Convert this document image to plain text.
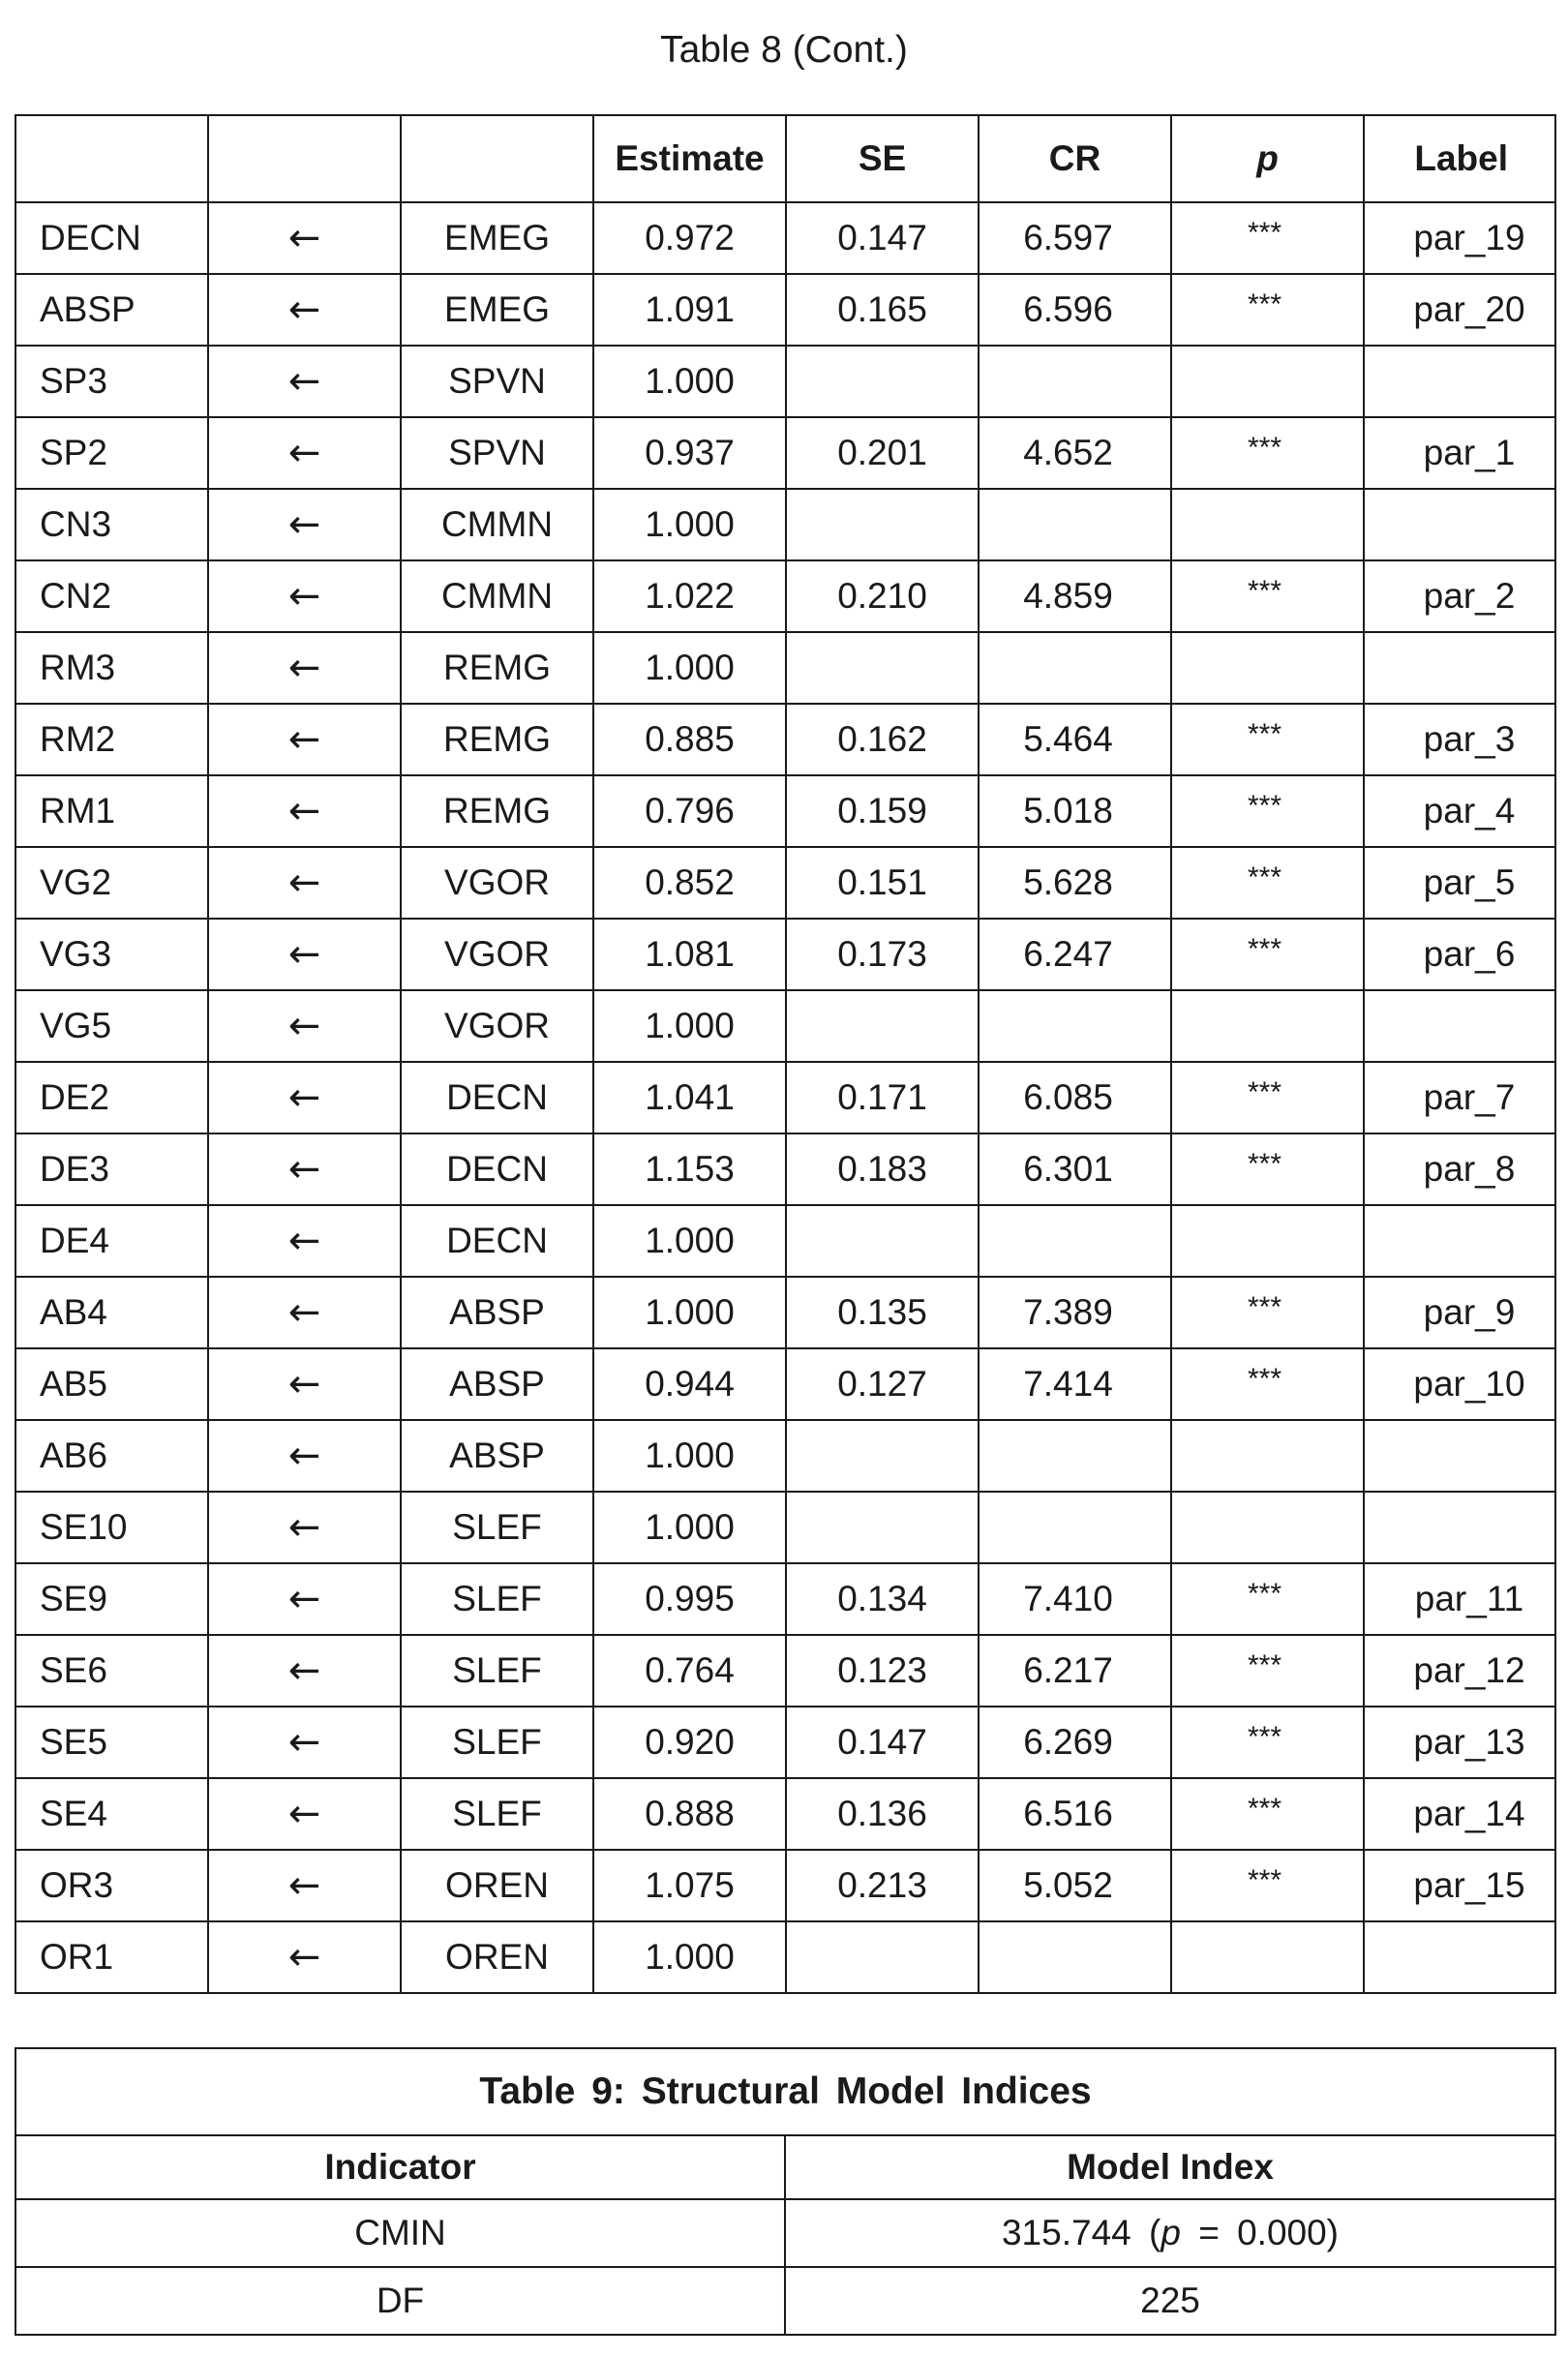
Table 8 (Cont.)
			Estimate	SE	CR	p	Label
DECN	←	EMEG	0.972	0.147	6.597	***	par_19
ABSP	←	EMEG	1.091	0.165	6.596	***	par_20
SP3	←	SPVN	1.000				
SP2	←	SPVN	0.937	0.201	4.652	***	par_1
CN3	←	CMMN	1.000				
CN2	←	CMMN	1.022	0.210	4.859	***	par_2
RM3	←	REMG	1.000				
RM2	←	REMG	0.885	0.162	5.464	***	par_3
RM1	←	REMG	0.796	0.159	5.018	***	par_4
VG2	←	VGOR	0.852	0.151	5.628	***	par_5
VG3	←	VGOR	1.081	0.173	6.247	***	par_6
VG5	←	VGOR	1.000				
DE2	←	DECN	1.041	0.171	6.085	***	par_7
DE3	←	DECN	1.153	0.183	6.301	***	par_8
DE4	←	DECN	1.000				
AB4	←	ABSP	1.000	0.135	7.389	***	par_9
AB5	←	ABSP	0.944	0.127	7.414	***	par_10
AB6	←	ABSP	1.000				
SE10	←	SLEF	1.000				
SE9	←	SLEF	0.995	0.134	7.410	***	par_11
SE6	←	SLEF	0.764	0.123	6.217	***	par_12
SE5	←	SLEF	0.920	0.147	6.269	***	par_13
SE4	←	SLEF	0.888	0.136	6.516	***	par_14
OR3	←	OREN	1.075	0.213	5.052	***	par_15
OR1	←	OREN	1.000				
Table 9: Structural Model Indices	
Indicator	Model Index
CMIN	315.744 (p = 0.000)
DF	225
